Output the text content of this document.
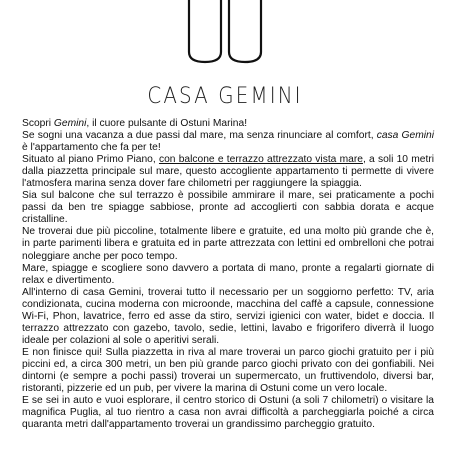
CASA GEMINI

Scopri Gemini, il cuore pulsante di Ostuni Marina!

Se sogni una vacanza a due passi dal mare, ma senza rinunciare al comfort, casa Gemini è l'appartamento che fa per te!

Situato al piano Primo Piano, con balcone e terrazzo attrezzato vista mare, a soli 10 metri dalla piazzetta principale sul mare, questo accogliente appartamento ti permette di vivere l'atmosfera marina senza dover fare chilometri per raggiungere la spiaggia.

Sia sul balcone che sul terrazzo è possibile ammirare il mare, sei praticamente a pochi passi da ben tre spiagge sabbiose, pronte ad accoglierti con sabbia dorata e acque cristalline.

Ne troverai due più piccoline, totalmente libere e gratuite, ed una molto più grande che è, in parte parimenti libera e gratuita ed in parte attrezzata con lettini ed ombrelloni che potrai noleggiare anche per poco tempo.

Mare, spiagge e scogliere sono davvero a portata di mano, pronte a regalarti giornate di relax e divertimento.

All'interno di casa Gemini, troverai tutto il necessario per un soggiorno perfetto: TV, aria condizionata, cucina moderna con microonde, macchina del caffè a capsule, connessione Wi-Fi, Phon, lavatrice, ferro ed asse da stiro, servizi igienici con water, bidet e doccia. Il terrazzo attrezzato con gazebo, tavolo, sedie, lettini, lavabo e frigorifero diverrà il luogo ideale per colazioni al sole o aperitivi serali.

E non finisce qui! Sulla piazzetta in riva al mare troverai un parco giochi gratuito per i più piccini ed, a circa 300 metri, un ben più grande parco giochi privato con dei gonfiabili. Nei dintorni (e sempre a pochi passi) troverai un supermercato, un fruttivendolo, diversi bar, ristoranti, pizzerie ed un pub, per vivere la marina di Ostuni come un vero locale.

E se sei in auto e vuoi esplorare, il centro storico di Ostuni (a soli 7 chilometri) o visitare la magnifica Puglia, al tuo rientro a casa non avrai difficoltà a parcheggiarla poiché a circa quaranta metri dall'appartamento troverai un grandissimo parcheggio gratuito.
